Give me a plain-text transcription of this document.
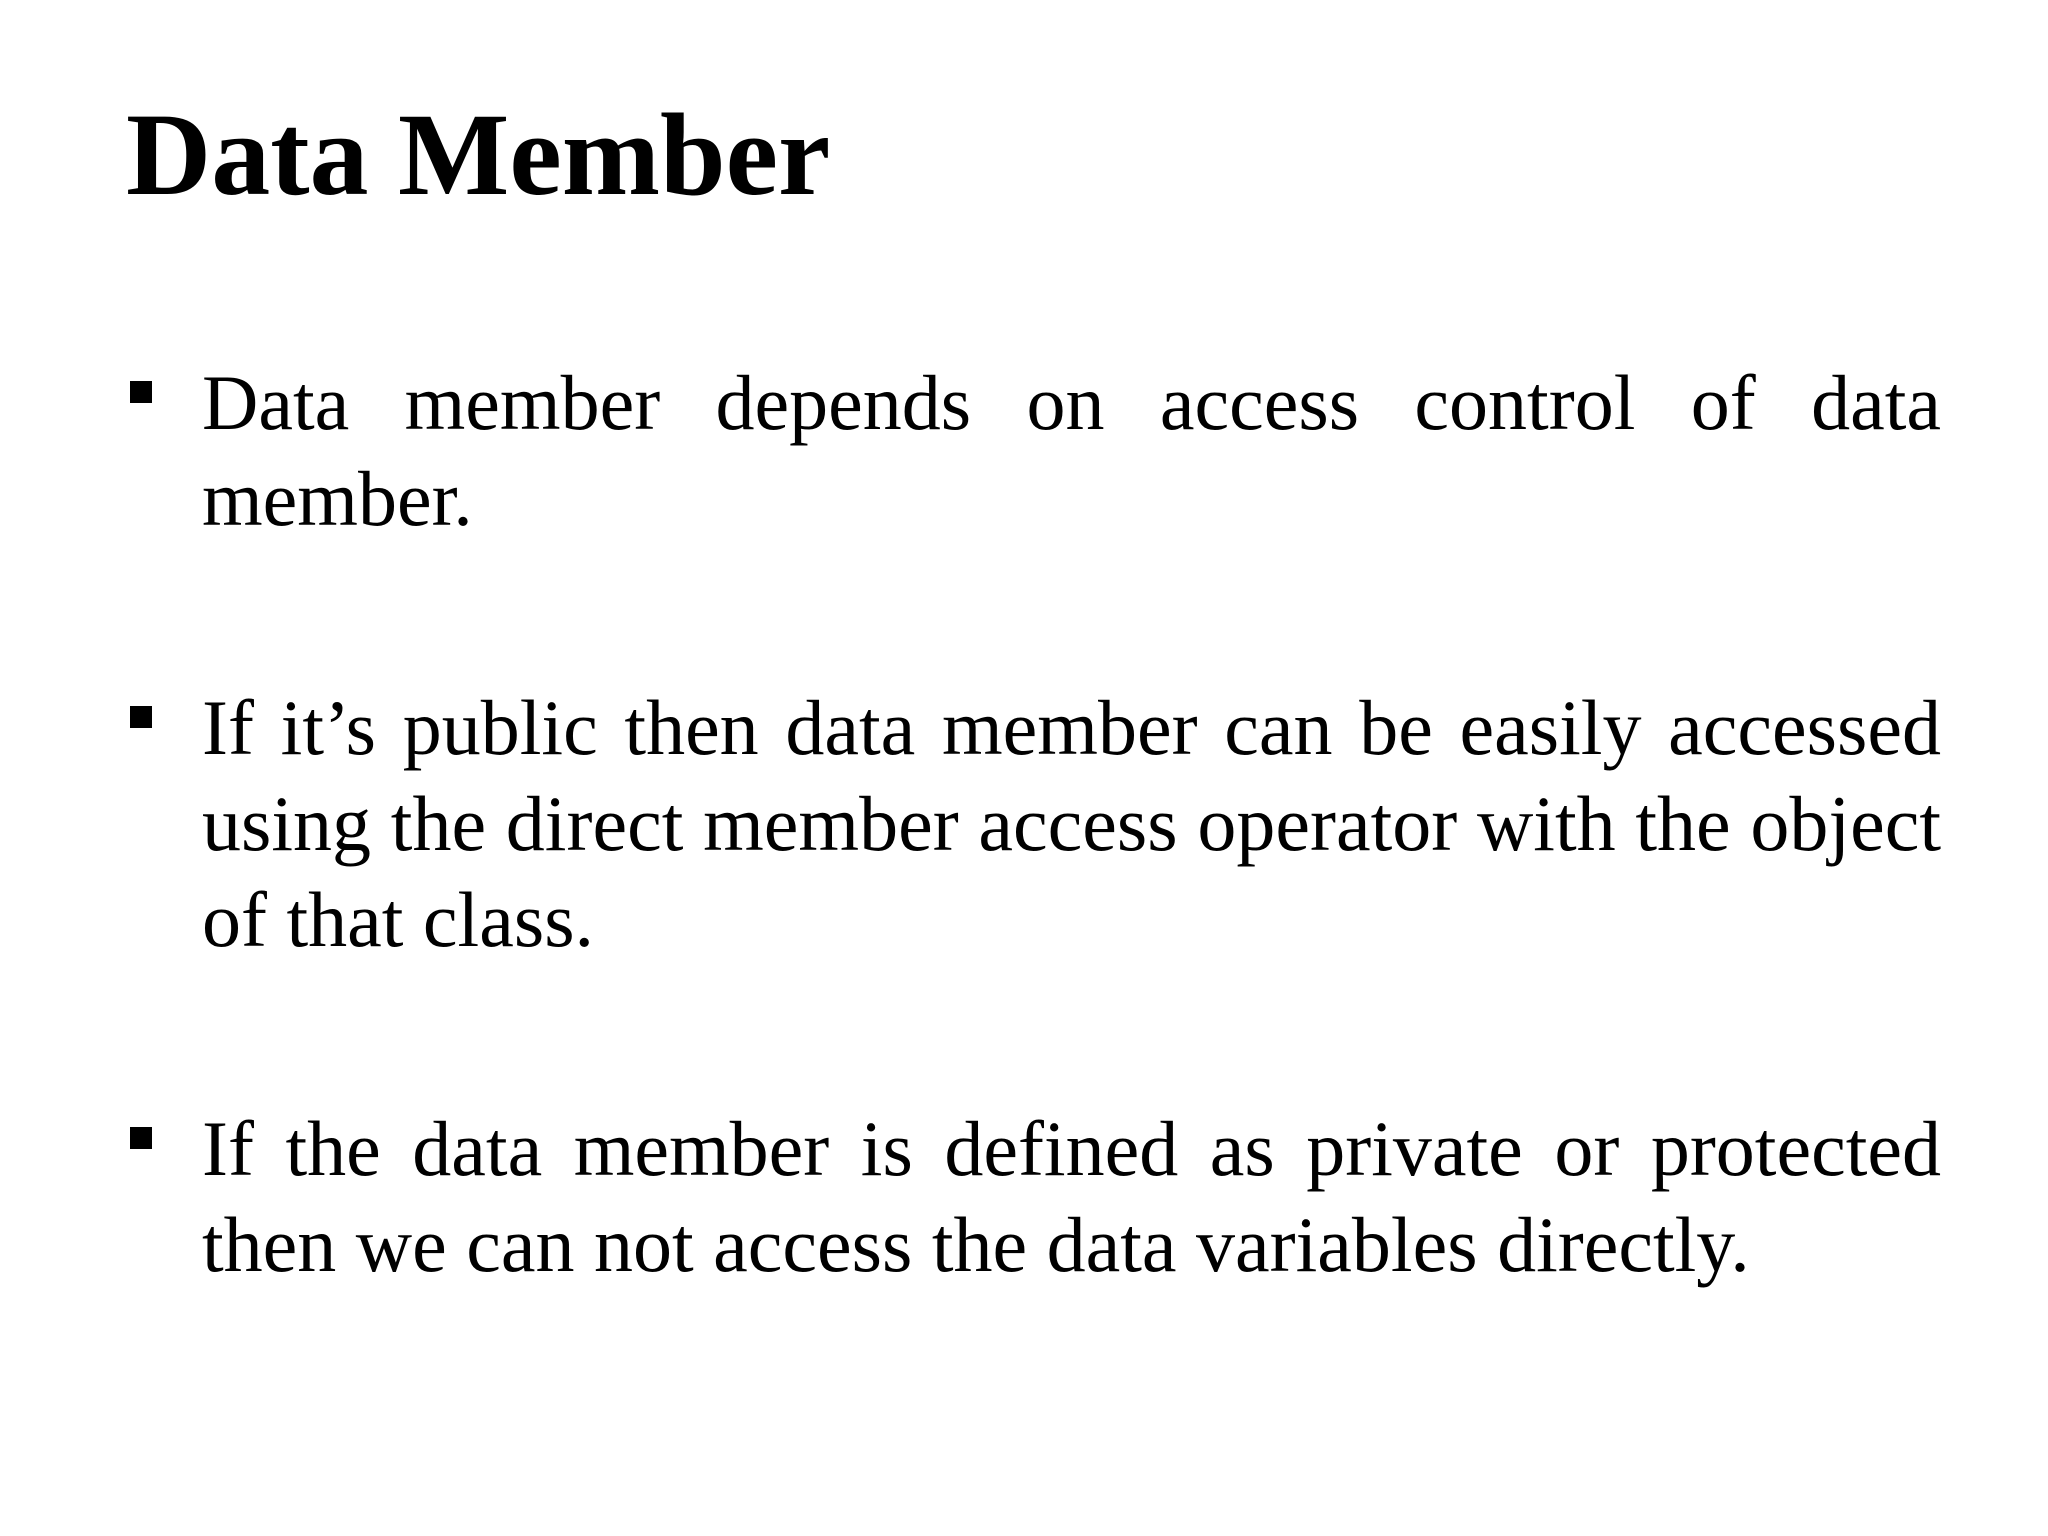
Data Member
Data member depends on access control of data member.
If it’s public then data member can be easily accessed using the direct member access operator with the object of that class.
If the data member is defined as private or protected then we can not access the data variables directly.
